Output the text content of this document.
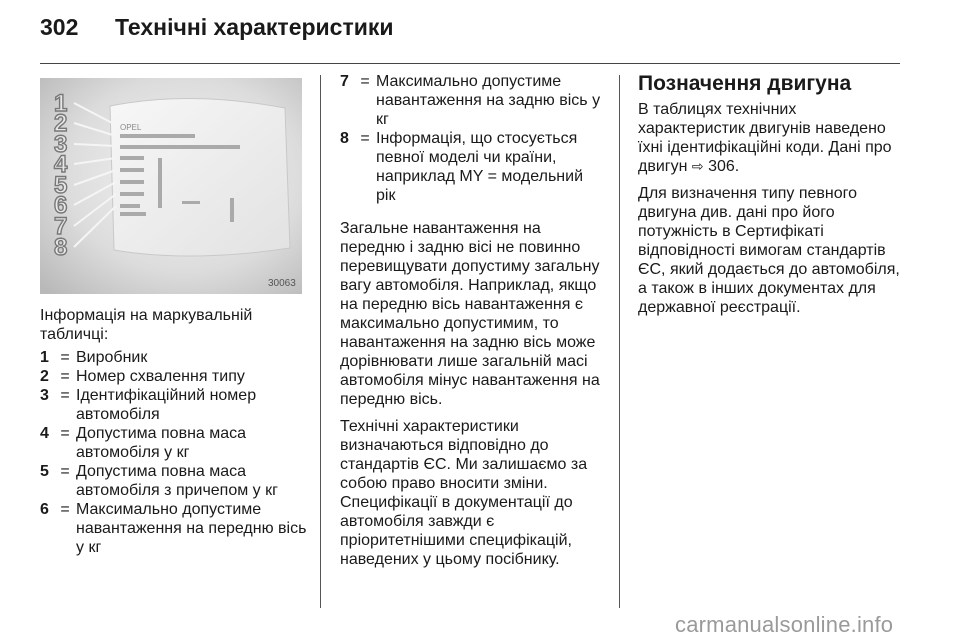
302 Технічні характеристики
1
2
3
4
5
6
7
8
OPEL
30063
Інформація на маркувальній табличці:
1 = Виробник
2 = Номер схвалення типу
3 = Ідентифікаційний номер автомобіля
4 = Допустима повна маса автомобіля у кг
5 = Допустима повна маса автомобіля з причепом у кг
6 = Максимально допустиме навантаження на передню вісь у кг
7 = Максимально допустиме навантаження на задню вісь у кг
8 = Інформація, що стосується певної моделі чи країни, наприклад MY = модельний рік

Загальне навантаження на передню і задню вісі не повинно перевищувати допустиму загальну вагу автомобіля. Наприклад, якщо на передню вісь навантаження є максимально допустимим, то навантаження на задню вісь може дорівнювати лише загальній масі автомобіля мінус навантаження на передню вісь.

Технічні характеристики визначаються відповідно до стандартів ЄС. Ми залишаємо за собою право вносити зміни. Специфікації в документації до автомобіля завжди є пріоритетнішими специфікацій, наведених у цьому посібнику.

Позначення двигуна

В таблицях технічних характеристик двигунів наведено їхні ідентифікаційні коди. Дані про двигун ⇨ 306.

Для визначення типу певного двигуна див. дані про його потужність в Сертифікаті відповідності вимогам стандартів ЄС, який додається до автомобіля, а також в інших документах для державної реєстрації.

carmanualsonline.info
